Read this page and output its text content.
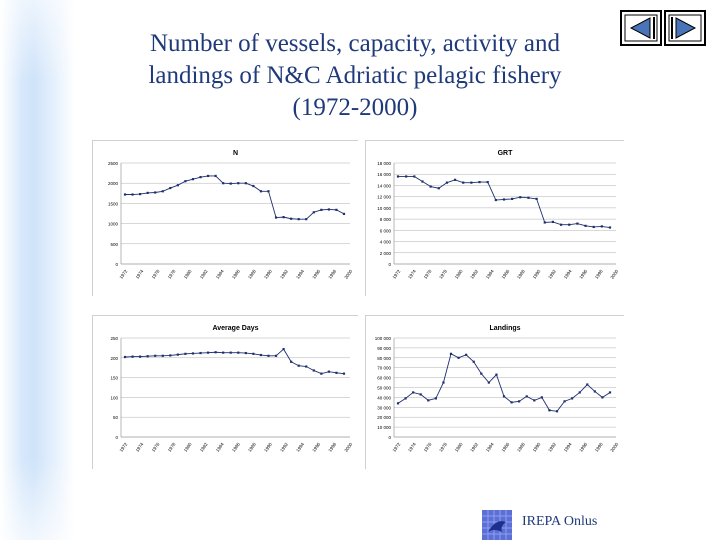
Number of vessels, capacity, activity and
landings of N&C Adriatic pelagic fishery
(1972-2000)
N
0
500
1000
1500
2000
2500
1972 1974 1976 1978 1980 1982 1984 1986 1988 1990 1992 1994 1996 1998 2000
GRT
0
2 000
4 000
6 000
8 000
10 000
12 000
14 000
16 000
18 000
1972 1974 1976 1978 1980 1982 1984 1986 1988 1990 1992 1994 1996 1998 2000
Average Days
0
50
100
150
200
250
1972 1974 1976 1978 1980 1982 1984 1986 1988 1990 1992 1994 1996 1998 2000
Landings
0
10 000
20 000
30 000
40 000
50 000
60 000
70 000
80 000
90 000
100 000
1972 1974 1976 1978 1980 1982 1984 1986 1988 1990 1992 1994 1996 1998 2000
IREPA Onlus
